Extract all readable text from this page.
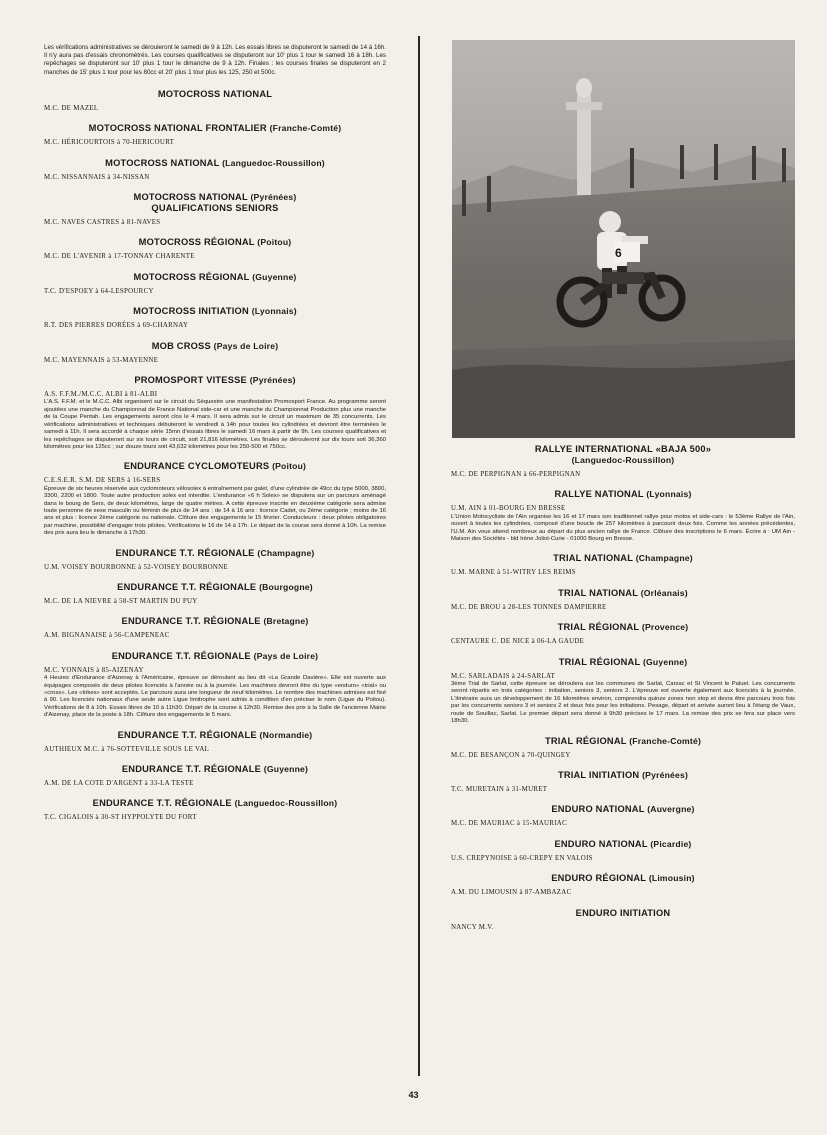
6

Les vérifications administratives se dérouleront le samedi de 9 à 12h. Les essais libres se disputeront le samedi de 14 à 16h. Il n'y aura pas d'essais chronométrés. Les courses qualificatives se disputeront sur 10' plus 1 tour le samedi 16 à 18h. Les repêchages se disputeront sur 10' plus 1 tour le dimanche de 9 à 12h. Finales : les courses finales se disputeront en 2 manches de 15' plus 1 tour pour les 80cc et 20' plus 1 tour plus les 125, 250 et 500c.

MOTOCROSS NATIONAL
M.C. DE MAZEL
MOTOCROSS NATIONAL FRONTALIER (Franche-Comté)
M.C. HÉRICOURTOIS à 70-HERICOURT
MOTOCROSS NATIONAL (Languedoc-Roussillon)
M.C. NISSANNAIS à 34-NISSAN
MOTOCROSS NATIONAL (Pyrénées)
QUALIFICATIONS SENIORS
M.C. NAVES CASTRES à 81-NAVES
MOTOCROSS RÉGIONAL (Poitou)
M.C. DE L'AVENIR à 17-TONNAY CHARENTE
MOTOCROSS RÉGIONAL (Guyenne)
T.C. D'ESPOEY à 64-LESPOURCY
MOTOCROSS INITIATION (Lyonnais)
R.T. DES PIERRES DORÉES à 69-CHARNAY
MOB CROSS (Pays de Loire)
M.C. MAYENNAIS à 53-MAYENNE
PROMOSPORT VITESSE (Pyrénées)
A.S. F.F.M./M.C.C. ALBI à 81-ALBI

L'A.S. F.F.M. et le M.C.C. Albi organisent sur le circuit du Séquestre une manifestation Promosport France. Au programme seront ajoutées une manche du Championnat de France National side-car et une manche du Championnat Production plus une manche de la Coupe Pentah. Les engagements seront clos le 4 mars. Il sera admis sur le circuit un maximum de 35 concurrents. Les vérifications administratives et techniques débuteront le vendredi à 14h pour toutes les cylindrées et devront être terminées le samedi à 11h. Il sera accordé à chaque série 15mn d'essais libres le samedi 16 mars à partir de 9h. Les courses qualificatives et les repêchages se disputeront sur six tours de circuit, soit 21,816 kilomètres. Les finales se dérouleront sur dix tours soit 36,360 kilomètres pour les 125cc ; sur douze tours soit 43,632 kilomètres pour les 250-500 et 750cc.

ENDURANCE CYCLOMOTEURS (Poitou)
C.E.S.E.R. S.M. DE SERS à 16-SERS

Épreuve de six heures réservée aux cyclomoteurs vélosolex à entraînement par galet, d'une cylindrée de 49cc du type 5000, 3800, 3300, 2200 et 1800. Toute autre production solex est interdite. L'endurance «6 h Solex» se disputera sur un parcours aménagé dans le bourg de Sers, de deux kilomètres, large de quatre mètres. A cette épreuve inscrite en deuxième catégorie sera admise toute personne de sexe masculin ou féminin de plus de 14 ans ; de 14 à 16 ans : licence Cadet, ou 2ème catégorie ; moins de 16 ans et plus : licence 2ème catégorie ou nationale. Clôture des engagements le 15 février. Conducteurs : deux pilotes obligatoires par machine, possibilité d'engager trois pilotes. Vérifications le 16 de 14 à 17h. Le départ de la course sera donné à 10h. La remise des prix aura lieu le dimanche à 17h30.

ENDURANCE T.T. RÉGIONALE (Champagne)
U.M. VOISEY BOURBONNE à 52-VOISEY BOURBONNE
ENDURANCE T.T. RÉGIONALE (Bourgogne)
M.C. DE LA NIEVRE à 58-ST MARTIN DU PUY
ENDURANCE T.T. RÉGIONALE (Bretagne)
A.M. BIGNANAISE à 56-CAMPENEAC
ENDURANCE T.T. RÉGIONALE (Pays de Loire)
M.C. YONNAIS à 85-AIZENAY

4 Heures d'Endurance d'Aizenay à l'Américaine, épreuve se déroulant au lieu dit «La Grande Davière». Elle est ouverte aux équipages composés de deux pilotes licenciés à l'année ou à la journée. Les machines devront être du type «enduro» «trial» ou «cross». Les «trikes» sont acceptés. Le parcours aura une longueur de neuf kilomètres. Le nombre des machines admises est fixé à 90. Les licenciés nationaux d'une seule autre Ligue limitrophe sont admis à condition d'en préciser le nom (Ligue du Poitou). Vérifications de 8 à 10h. Essais libres de 10 à 11h30. Départ de la course à 12h30. Remise des prix à la Salle de l'ancienne Mairie d'Aizenay, place de la poste à 18h. Clôture des engagements le 5 mars.

ENDURANCE T.T. RÉGIONALE (Normandie)
AUTHIEUX M.C. à 76-SOTTEVILLE SOUS LE VAL
ENDURANCE T.T. RÉGIONALE (Guyenne)
A.M. DE LA COTE D'ARGENT à 33-LA TESTE
ENDURANCE T.T. RÉGIONALE (Languedoc-Roussillon)
T.C. CIGALOIS à 30-ST HYPPOLYTE DU FORT
RALLYE INTERNATIONAL «BAJA 500»
(Languedoc-Roussillon)
M.C. DE PERPIGNAN à 66-PERPIGNAN
RALLYE NATIONAL (Lyonnais)
U.M. AIN à 01-BOURG EN BRESSE

L'Union Motocycliste de l'Ain organise les 16 et 17 mars son traditionnel rallye pour motos et side-cars : le 53ème Rallye de l'Ain, ouvert à toutes les cylindrées, composé d'une boucle de 257 kilomètres à parcourir deux fois. Comme les années précédentes, l'U.M. Ain vous attend nombreux au départ du plus ancien rallye de France. Clôture des inscriptions le 6 mars. Écrire à : UM Ain - Maison des Sociétés - bld Irène Joliot-Curie - 01000 Bourg en Bresse.

TRIAL NATIONAL (Champagne)
U.M. MARNE à 51-WITRY LES REIMS
TRIAL NATIONAL (Orléanais)
M.C. DE BROU à 28-LES TONNES DAMPIERRE
TRIAL RÉGIONAL (Provence)
CENTAURE C. DE NICE à 06-LA GAUDE
TRIAL RÉGIONAL (Guyenne)
M.C. SARLADAIS à 24-SARLAT

3ème Trial de Sarlat, cette épreuve se déroulera sur les communes de Sarlat, Carsac et St Vincent le Paluel. Les concurrents seront répartis en trois catégories : initiation, seniors 3, seniors 2. L'épreuve est ouverte également aux licenciés à la journée. L'itinéraire aura un développement de 16 kilomètres environ, comprendra quinze zones non stop et devra être parcouru trois fois par les concurrents seniors 3 et seniors 2 et deux fois pour les initiations. Pesage, départ et arrivée auront lieu à l'étang de Vaux, route de Souillac, Sarlat. Le premier départ sera donné à 9h30 précises le 17 mars. La remise des prix se fera sur place vers 18h30.

TRIAL RÉGIONAL (Franche-Comté)
M.C. DE BESANÇON à 70-QUINGEY
TRIAL INITIATION (Pyrénées)
T.C. MURETAIN à 31-MURET
ENDURO NATIONAL (Auvergne)
M.C. DE MAURIAC à 15-MAURIAC
ENDURO NATIONAL (Picardie)
U.S. CREPYNOISE à 60-CREPY EN VALOIS
ENDURO RÉGIONAL (Limousin)
A.M. DU LIMOUSIN à 87-AMBAZAC
ENDURO INITIATION
NANCY M.V.
43
